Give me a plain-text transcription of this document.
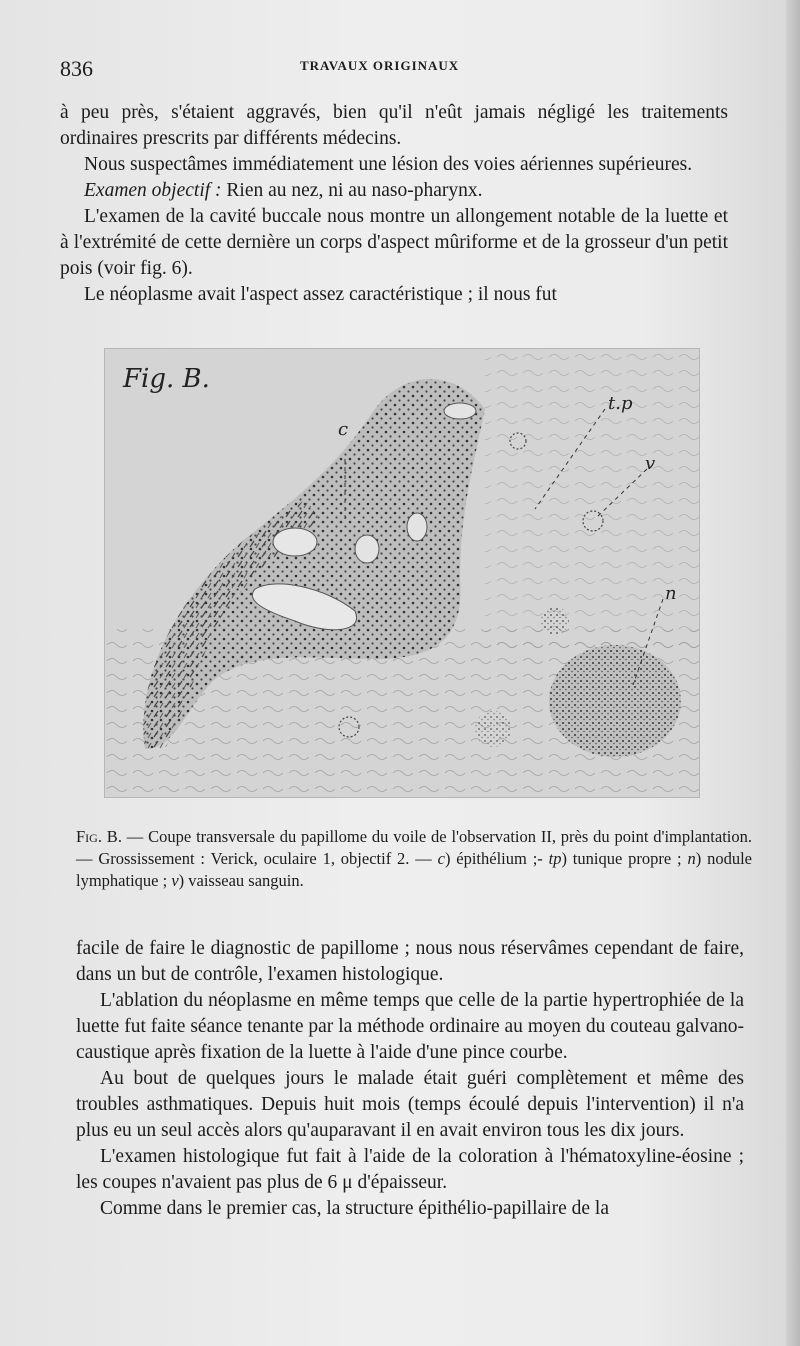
836	TRAVAUX ORIGINAUX

à peu près, s'étaient aggravés, bien qu'il n'eût jamais négligé les traitements ordinaires prescrits par différents médecins.

Nous suspectâmes immédiatement une lésion des voies aériennes supérieures.

Examen objectif : Rien au nez, ni au naso-pharynx.

L'examen de la cavité buccale nous montre un allongement notable de la luette et à l'extrémité de cette dernière un corps d'aspect mûriforme et de la grosseur d'un petit pois (voir fig. 6).

Le néoplasme avait l'aspect assez caractéristique ; il nous fut

Fig. B.
c
t.p
v
n

Fig. B. — Coupe transversale du papillome du voile de l'observation II, près du point d'implantation. — Grossissement : Verick, oculaire 1, objectif 2. — c) épithélium ;- tp) tunique propre ; n) nodule lymphatique ; v) vaisseau sanguin.

facile de faire le diagnostic de papillome ; nous nous réservâmes cependant de faire, dans un but de contrôle, l'examen histologique.

L'ablation du néoplasme en même temps que celle de la partie hypertrophiée de la luette fut faite séance tenante par la méthode ordinaire au moyen du couteau galvano-caustique après fixation de la luette à l'aide d'une pince courbe.

Au bout de quelques jours le malade était guéri complètement et même des troubles asthmatiques. Depuis huit mois (temps écoulé depuis l'intervention) il n'a plus eu un seul accès alors qu'auparavant il en avait environ tous les dix jours.

L'examen histologique fut fait à l'aide de la coloration à l'hématoxyline-éosine ; les coupes n'avaient pas plus de 6 μ d'épaisseur.

Comme dans le premier cas, la structure épithélio-papillaire de la
